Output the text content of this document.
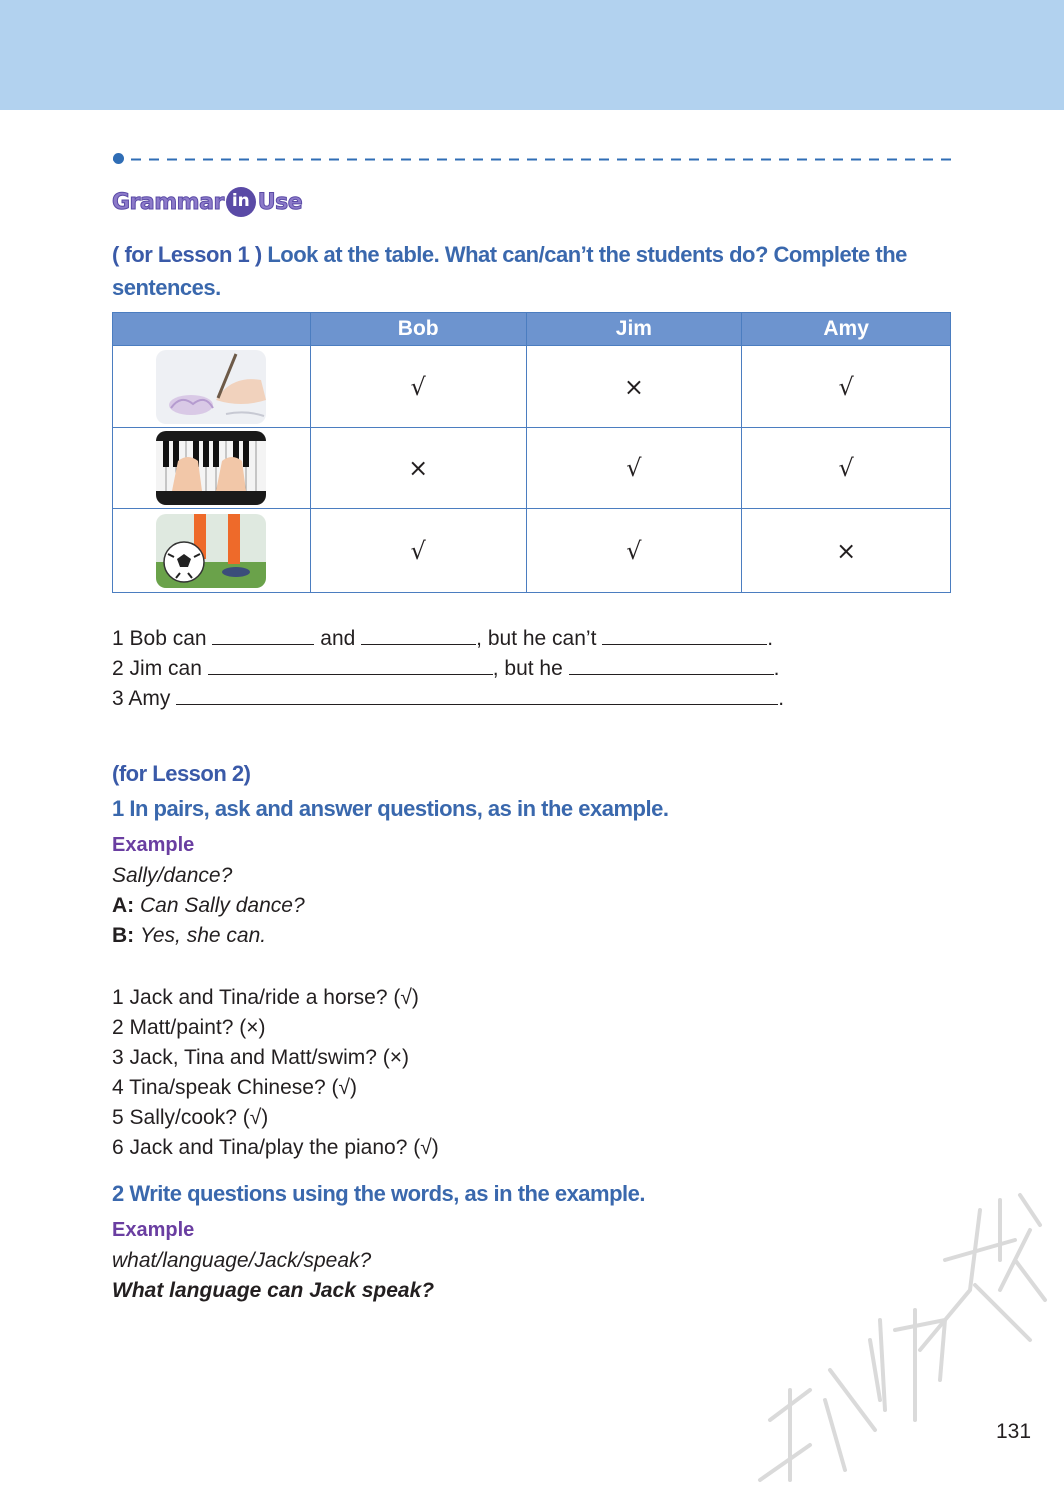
Grammar in Use
( for Lesson 1 ) Look at the table. What can/can’t the students do? Complete the
sentences.
	Bob	Jim	Amy

	√	×	√

	×	√	√

	√	√	×
1 Bob can	and	, but he can’t	.
2 Jim can	, but he	.
3 Amy	.
(for Lesson 2)
1 In pairs, ask and answer questions, as in the example.
Example
Sally/dance?
A: Can Sally dance?
B: Yes, she can.
1 Jack and Tina/ride a horse? (√)
2 Matt/paint? (×)
3 Jack, Tina and Matt/swim? (×)
4 Tina/speak Chinese? (√)
5 Sally/cook? (√)
6 Jack and Tina/play the piano? (√)
2 Write questions using the words, as in the example.
Example
what/language/Jack/speak?
What language can Jack speak?
131
